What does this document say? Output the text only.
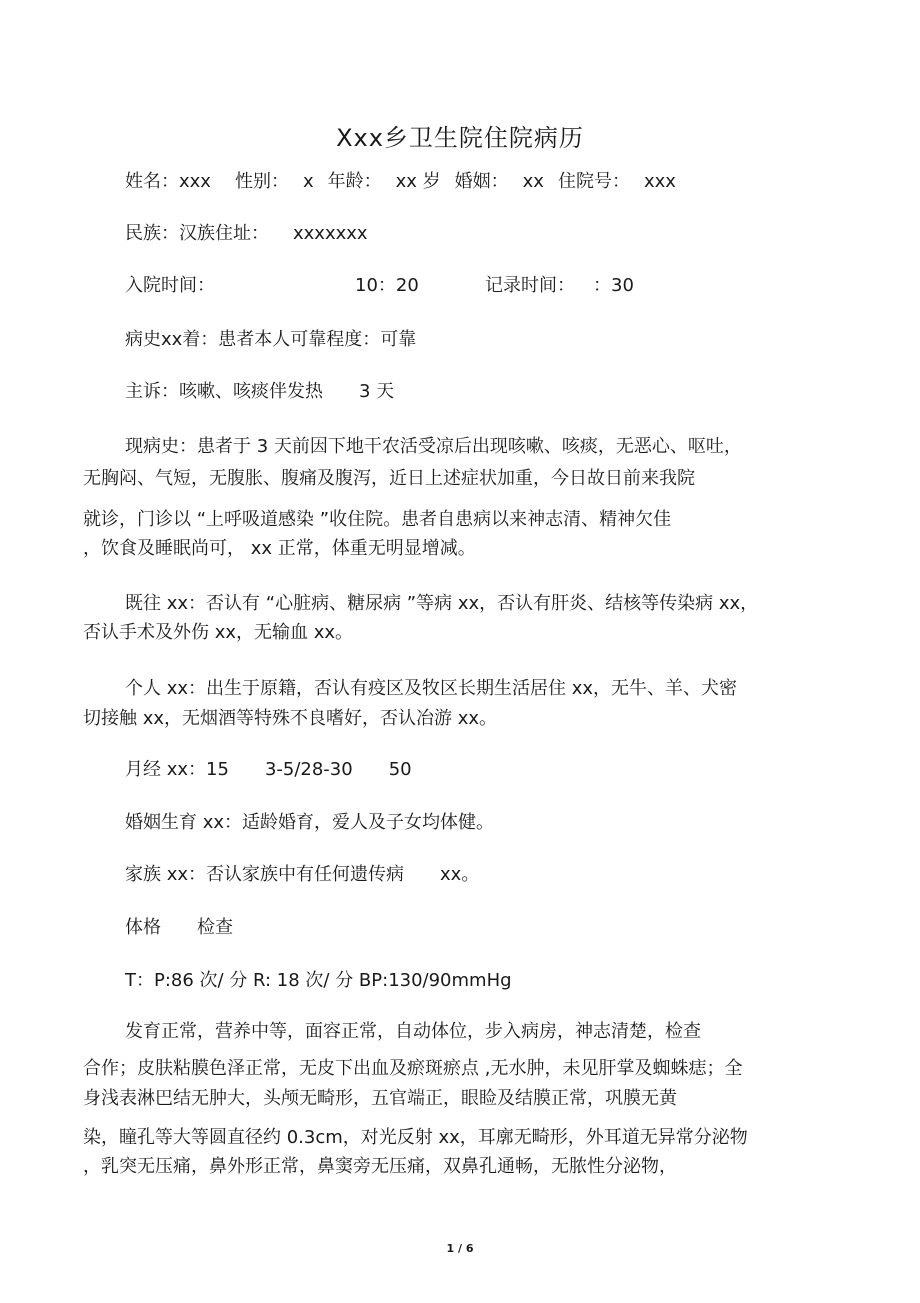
Xxx乡卫生院住院病历
姓名：xxx 性别： x 年龄： xx 岁 婚姻： xx 住院号： xxx
民族：汉族住址： xxxxxxx
入院时间：	10：20	记录时间： ：30
病史xx着：患者本人可靠程度：可靠
主诉：咳嗽、咳痰伴发热 3 天
现病史：患者于 3 天前因下地干农活受凉后出现咳嗽、咳痰，无恶心、呕吐，
无胸闷、气短，无腹胀、腹痛及腹泻，近日上述症状加重，今日故日前来我院
就诊，门诊以 “上呼吸道感染 ”收住院。患者自患病以来神志清、精神欠佳
，饮食及睡眠尚可， xx 正常，体重无明显增减。
既往 xx：否认有 “心脏病、糖尿病 ”等病 xx，否认有肝炎、结核等传染病 xx，
否认手术及外伤 xx，无输血 xx。
个人 xx：出生于原籍，否认有疫区及牧区长期生活居住 xx，无牛、羊、犬密
切接触 xx，无烟酒等特殊不良嗜好，否认冶游 xx。
月经 xx：15 3-5/28-30 50
婚姻生育 xx：适龄婚育，爱人及子女均体健。
家族 xx：否认家族中有任何遗传病 xx。
体格 检查
T：P:86 次/ 分 R: 18 次/ 分 BP:130/90mmHg
发育正常，营养中等，面容正常，自动体位，步入病房，神志清楚，检查
合作；皮肤粘膜色泽正常，无皮下出血及瘀斑瘀点 ,无水肿，未见肝掌及蜘蛛痣；全
身浅表淋巴结无肿大，头颅无畸形，五官端正，眼睑及结膜正常，巩膜无黄
染，瞳孔等大等圆直径约 0.3cm，对光反射 xx，耳廓无畸形，外耳道无异常分泌物
，乳突无压痛，鼻外形正常，鼻窦旁无压痛，双鼻孔通畅，无脓性分泌物，
1 / 6
